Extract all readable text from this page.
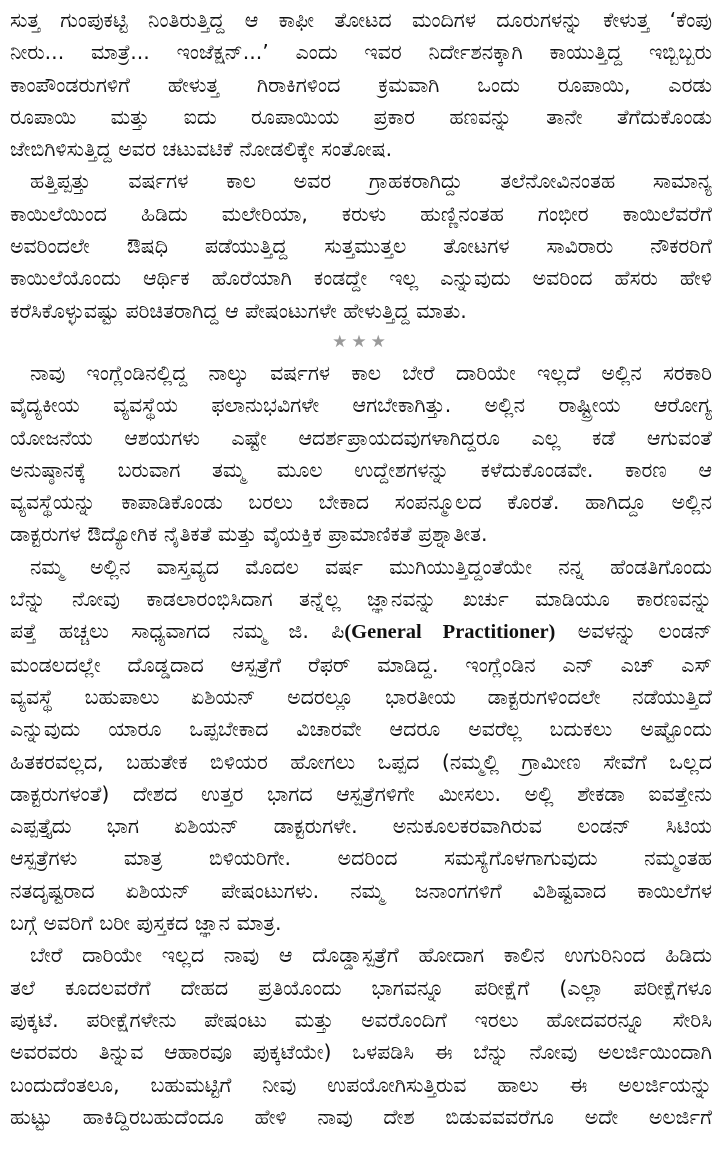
ಸುತ್ತ ಗುಂಪುಕಟ್ಟಿ ನಿಂತಿರುತ್ತಿದ್ದ ಆ ಕಾಫೀ ತೋಟದ ಮಂದಿಗಳ ದೂರುಗಳನ್ನು ಕೇಳುತ್ತ ‘ಕೆಂಪು

ನೀರು... ಮಾತ್ರೆ... ಇಂಜೆಕ್ಷನ್...’ ಎಂದು ಇವರ ನಿರ್ದೇಶನಕ್ಕಾಗಿ ಕಾಯುತ್ತಿದ್ದ ಇಬ್ಬಿಬ್ಬರು

ಕಾಂಪೌಂಡರುಗಳಿಗೆ ಹೇಳುತ್ತ ಗಿರಾಕಿಗಳಿಂದ ಕ್ರಮವಾಗಿ ಒಂದು ರೂಪಾಯಿ, ಎರಡು

ರೂಪಾಯಿ ಮತ್ತು ಐದು ರೂಪಾಯಿಯ ಪ್ರಕಾರ ಹಣವನ್ನು ತಾನೇ ತೆಗೆದುಕೊಂಡು

ಜೇಬಿಗಿಳಿಸುತ್ತಿದ್ದ ಅವರ ಚಟುವಟಿಕೆ ನೋಡಲಿಕ್ಕೇ ಸಂತೋಷ.

ಹತ್ತಿಪ್ಪತ್ತು ವರ್ಷಗಳ ಕಾಲ ಅವರ ಗ್ರಾಹಕರಾಗಿದ್ದು ತಲೆನೋವಿನಂತಹ ಸಾಮಾನ್ಯ

ಕಾಯಿಲೆಯಿಂದ ಹಿಡಿದು ಮಲೇರಿಯಾ, ಕರುಳು ಹುಣ್ಣಿನಂತಹ ಗಂಭೀರ ಕಾಯಿಲೆವರೆಗೆ

ಅವರಿಂದಲೇ ಔಷಧಿ ಪಡೆಯುತ್ತಿದ್ದ ಸುತ್ತಮುತ್ತಲ ತೋಟಗಳ ಸಾವಿರಾರು ನೌಕರರಿಗೆ

ಕಾಯಿಲೆಯೊಂದು ಆರ್ಥಿಕ ಹೊರೆಯಾಗಿ ಕಂಡದ್ದೇ ಇಲ್ಲ ಎನ್ನುವುದು ಅವರಿಂದ ಹೆಸರು ಹೇಳಿ

ಕರೆಸಿಕೊಳ್ಳುವಷ್ಟು ಪರಿಚಿತರಾಗಿದ್ದ ಆ ಪೇಷಂಟುಗಳೇ ಹೇಳುತ್ತಿದ್ದ ಮಾತು.

★★★

ನಾವು ಇಂಗ್ಲೆಂಡಿನಲ್ಲಿದ್ದ ನಾಲ್ಕು ವರ್ಷಗಳ ಕಾಲ ಬೇರೆ ದಾರಿಯೇ ಇಲ್ಲದೆ ಅಲ್ಲಿನ ಸರಕಾರಿ

ವೈದ್ಯಕೀಯ ವ್ಯವಸ್ಥೆಯ ಫಲಾನುಭವಿಗಳೇ ಆಗಬೇಕಾಗಿತ್ತು. ಅಲ್ಲಿನ ರಾಷ್ಟ್ರೀಯ ಆರೋಗ್ಯ

ಯೋಜನೆಯ ಆಶಯಗಳು ಎಷ್ಟೇ ಆದರ್ಶಪ್ರಾಯದವುಗಳಾಗಿದ್ದರೂ ಎಲ್ಲ ಕಡೆ ಆಗುವಂತೆ

ಅನುಷ್ಠಾನಕ್ಕೆ ಬರುವಾಗ ತಮ್ಮ ಮೂಲ ಉದ್ದೇಶಗಳನ್ನು ಕಳೆದುಕೊಂಡವೇ. ಕಾರಣ ಆ

ವ್ಯವಸ್ಥೆಯನ್ನು ಕಾಪಾಡಿಕೊಂಡು ಬರಲು ಬೇಕಾದ ಸಂಪನ್ಮೂಲದ ಕೊರತೆ. ಹಾಗಿದ್ದೂ ಅಲ್ಲಿನ

ಡಾಕ್ಟರುಗಳ ಔದ್ಯೋಗಿಕ ನೈತಿಕತೆ ಮತ್ತು ವೈಯಕ್ತಿಕ ಪ್ರಾಮಾಣಿಕತೆ ಪ್ರಶ್ನಾತೀತ.

ನಮ್ಮ ಅಲ್ಲಿನ ವಾಸ್ತವ್ಯದ ಮೊದಲ ವರ್ಷ ಮುಗಿಯುತ್ತಿದ್ದಂತೆಯೇ ನನ್ನ ಹೆಂಡತಿಗೊಂದು

ಬೆನ್ನು ನೋವು ಕಾಡಲಾರಂಭಿಸಿದಾಗ ತನ್ನೆಲ್ಲ ಜ್ಞಾನವನ್ನು ಖರ್ಚು ಮಾಡಿಯೂ ಕಾರಣವನ್ನು

ಪತ್ತೆ ಹಚ್ಚಲು ಸಾಧ್ಯವಾಗದ ನಮ್ಮ ಜಿ. ಪಿ(General Practitioner) ಅವಳನ್ನು ಲಂಡನ್

ಮಂಡಲದಲ್ಲೇ ದೊಡ್ಡದಾದ ಆಸ್ಪತ್ರೆಗೆ ರೆಫರ್ ಮಾಡಿದ್ದ. ಇಂಗ್ಲೆಂಡಿನ ಎನ್ ಎಚ್ ಎಸ್

ವ್ಯವಸ್ಥೆ ಬಹುಪಾಲು ಏಶಿಯನ್ ಅದರಲ್ಲೂ ಭಾರತೀಯ ಡಾಕ್ಟರುಗಳಿಂದಲೇ ನಡೆಯುತ್ತಿದೆ

ಎನ್ನುವುದು ಯಾರೂ ಒಪ್ಪಬೇಕಾದ ವಿಚಾರವೇ ಆದರೂ ಅವರೆಲ್ಲ ಬದುಕಲು ಅಷ್ಟೊಂದು

ಹಿತಕರವಲ್ಲದ, ಬಹುತೇಕ ಬಿಳಿಯರ ಹೋಗಲು ಒಪ್ಪದ (ನಮ್ಮಲ್ಲಿ ಗ್ರಾಮೀಣ ಸೇವೆಗೆ ಒಲ್ಲದ

ಡಾಕ್ಟರುಗಳಂತೆ) ದೇಶದ ಉತ್ತರ ಭಾಗದ ಆಸ್ಪತ್ರೆಗಳಿಗೇ ಮೀಸಲು. ಅಲ್ಲಿ ಶೇಕಡಾ ಐವತ್ತೇನು

ಎಪ್ಪತ್ತೈದು ಭಾಗ ಏಶಿಯನ್ ಡಾಕ್ಟರುಗಳೇ. ಅನುಕೂಲಕರವಾಗಿರುವ ಲಂಡನ್ ಸಿಟಿಯ

ಆಸ್ಪತ್ರೆಗಳು ಮಾತ್ರ ಬಿಳಿಯರಿಗೇ. ಅದರಿಂದ ಸಮಸ್ಯೆಗೊಳಗಾಗುವುದು ನಮ್ಮಂತಹ

ನತದೃಷ್ಟರಾದ ಏಶಿಯನ್ ಪೇಷಂಟುಗಳು. ನಮ್ಮ ಜನಾಂಗಗಳಿಗೆ ವಿಶಿಷ್ಟವಾದ ಕಾಯಿಲೆಗಳ

ಬಗ್ಗೆ ಅವರಿಗೆ ಬರೀ ಪುಸ್ತಕದ ಜ್ಞಾನ ಮಾತ್ರ.

ಬೇರೆ ದಾರಿಯೇ ಇಲ್ಲದ ನಾವು ಆ ದೊಡ್ಡಾಸ್ಪತ್ರೆಗೆ ಹೋದಾಗ ಕಾಲಿನ ಉಗುರಿನಿಂದ ಹಿಡಿದು

ತಲೆ ಕೂದಲವರೆಗೆ ದೇಹದ ಪ್ರತಿಯೊಂದು ಭಾಗವನ್ನೂ ಪರೀಕ್ಷೆಗೆ (ಎಲ್ಲಾ ಪರೀಕ್ಷೆಗಳೂ

ಪುಕ್ಕಟೆ. ಪರೀಕ್ಷೆಗಳೇನು ಪೇಷಂಟು ಮತ್ತು ಅವರೊಂದಿಗೆ ಇರಲು ಹೋದವರನ್ನೂ ಸೇರಿಸಿ

ಅವರವರು ತಿನ್ನುವ ಆಹಾರವೂ ಪುಕ್ಕಟೆಯೇ) ಒಳಪಡಿಸಿ ಈ ಬೆನ್ನು ನೋವು ಅಲರ್ಜಿಯಿಂದಾಗಿ

ಬಂದುದೆಂತಲೂ, ಬಹುಮಟ್ಟಿಗೆ ನೀವು ಉಪಯೋಗಿಸುತ್ತಿರುವ ಹಾಲು ಈ ಅಲರ್ಜಿಯನ್ನು

ಹುಟ್ಟು ಹಾಕಿದ್ದಿರಬಹುದೆಂದೂ ಹೇಳಿ ನಾವು ದೇಶ ಬಿಡುವವವರೆಗೂ ಅದೇ ಅಲರ್ಜಿಗೆ
